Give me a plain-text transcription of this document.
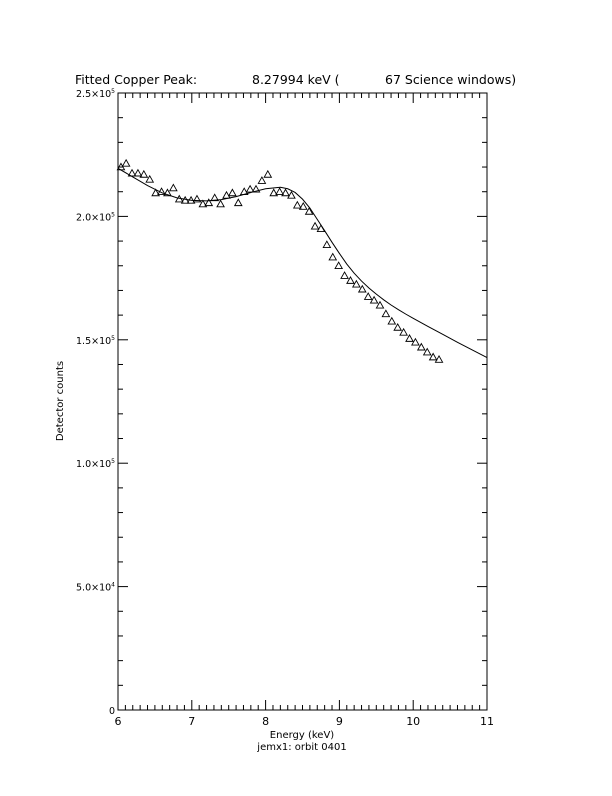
Fitted Copper Peak:	8.27994 keV (	67 Science windows)
6	7	8	9	10	11
0
$5.0\times 10^4$
$1.0\times 10^5$
$1.5\times 10^5$
$2.0\times 10^5$
$2.5\times 10^5$
Energy (keV)
jemx1: orbit 0401
Detector counts
